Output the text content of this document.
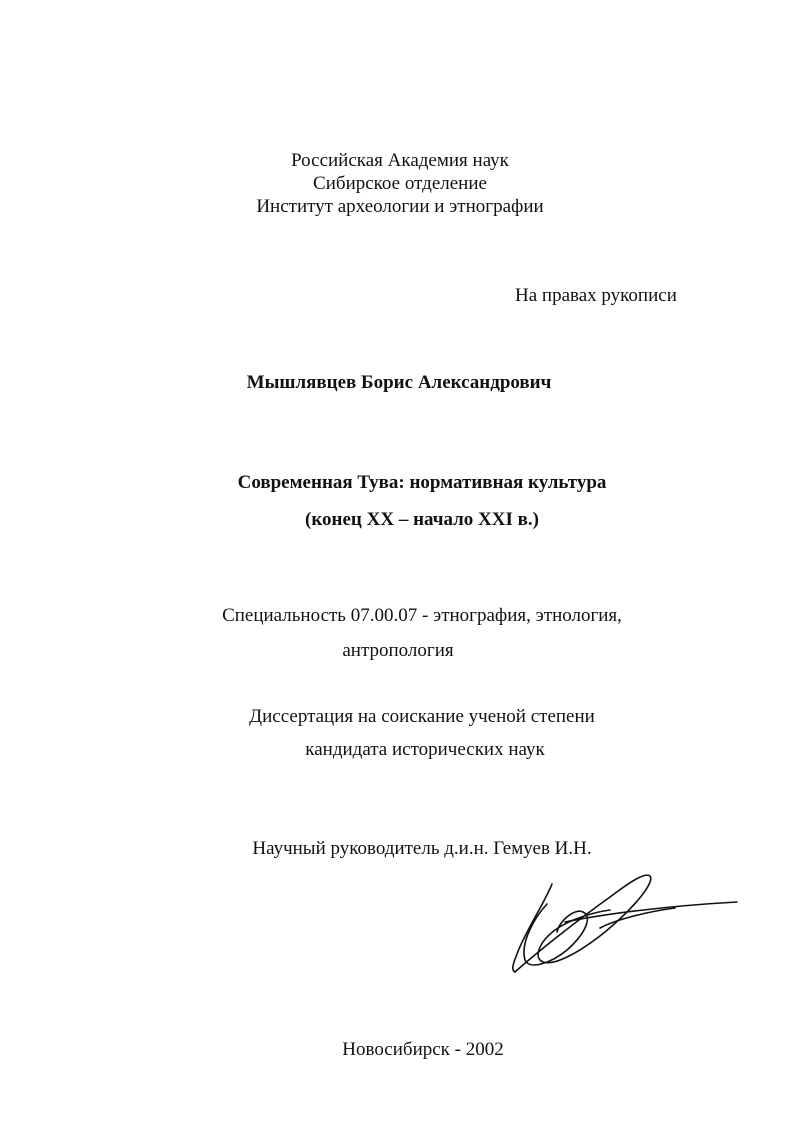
Российская Академия наук

Сибирское отделение

Институт археологии и этнографии

На правах рукописи

Мышлявцев Борис Александрович

Современная Тува: нормативная культура

(конец XX – начало XXI в.)

Специальность 07.00.07 - этнография, этнология,

антропология

Диссертация на соискание ученой степени

кандидата исторических наук

Научный руководитель д.и.н. Гемуев И.Н.

Новосибирск - 2002
